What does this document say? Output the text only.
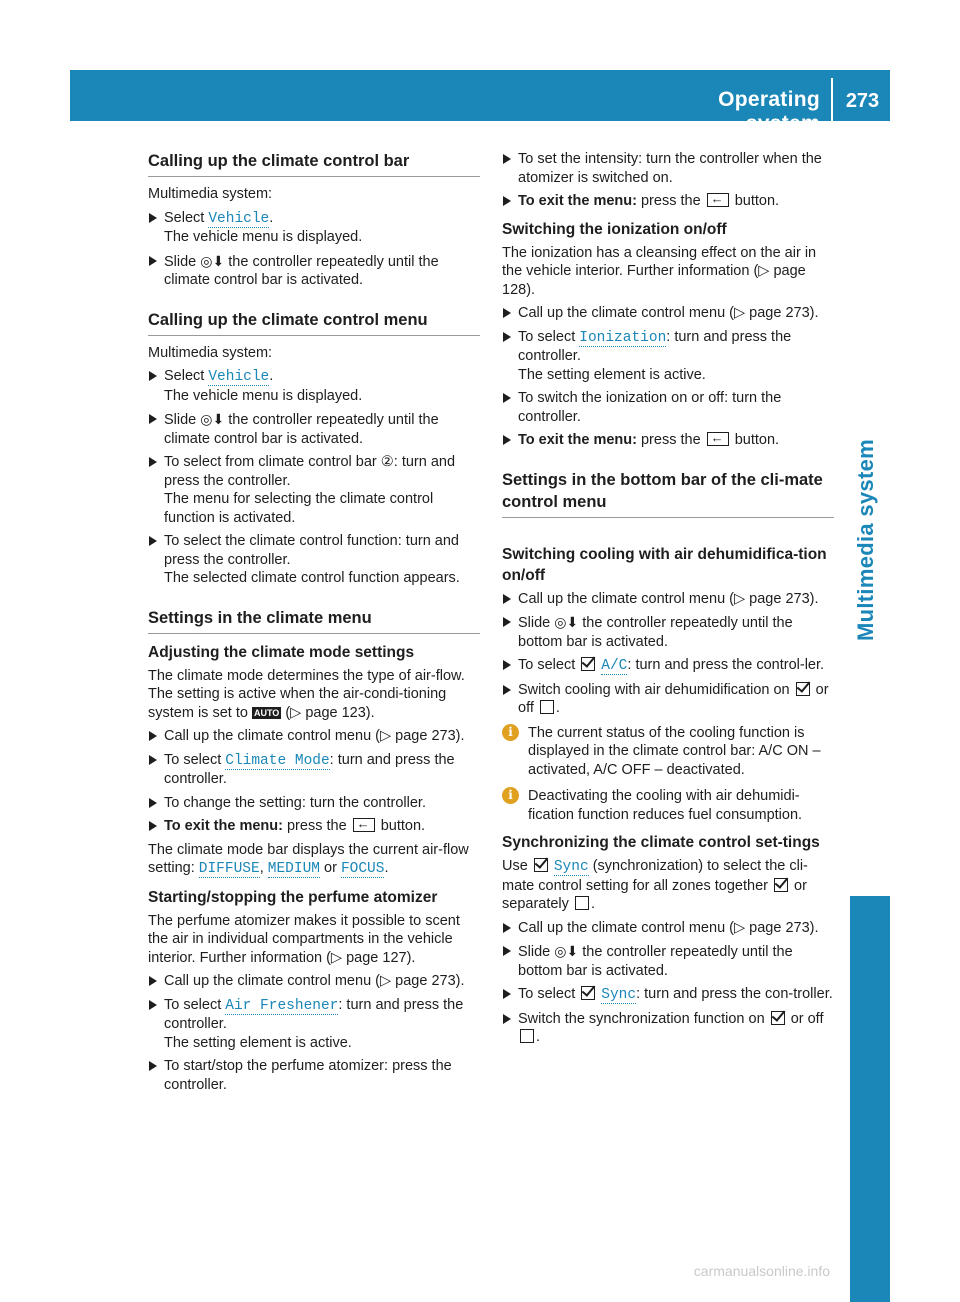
Operating system
273
Multimedia system
Calling up the climate control bar

Multimedia system:

Select Vehicle.
The vehicle menu is displayed.
Slide ◎⬇ the controller repeatedly until the climate control bar is activated.
Calling up the climate control menu

Multimedia system:

Select Vehicle.
The vehicle menu is displayed.
Slide ◎⬇ the controller repeatedly until the climate control bar is activated.
To select from climate control bar ②: turn and press the controller.
The menu for selecting the climate control function is activated.
To select the climate control function: turn and press the controller.
The selected climate control function appears.
Settings in the climate menu
Adjusting the climate mode settings

The climate mode determines the type of air-flow. The setting is active when the air-condi-tioning system is set to AUTO (▷ page 123).

Call up the climate control menu (▷ page 273).
To select Climate Mode: turn and press the controller.
To change the setting: turn the controller.
To exit the menu: press the ← button.

The climate mode bar displays the current air-flow setting: DIFFUSE, MEDIUM or FOCUS.

Starting/stopping the perfume atomizer

The perfume atomizer makes it possible to scent the air in individual compartments in the vehicle interior. Further information (▷ page 127).

Call up the climate control menu (▷ page 273).
To select Air Freshener: turn and press the controller.
The setting element is active.
To start/stop the perfume atomizer: press the controller.
To set the intensity: turn the controller when the atomizer is switched on.
To exit the menu: press the ← button.
Switching the ionization on/off

The ionization has a cleansing effect on the air in the vehicle interior. Further information (▷ page 128).

Call up the climate control menu (▷ page 273).
To select Ionization: turn and press the controller.
The setting element is active.
To switch the ionization on or off: turn the controller.
To exit the menu: press the ← button.
Settings in the bottom bar of the cli-mate control menu
Switching cooling with air dehumidifica-tion on/off
Call up the climate control menu (▷ page 273).
Slide ◎⬇ the controller repeatedly until the bottom bar is activated.
To select  A/C: turn and press the control-ler.
Switch cooling with air dehumidification on  or off .
i	The current status of the cooling function is displayed in the climate control bar: A/C ON – activated, A/C OFF – deactivated.
i	Deactivating the cooling with air dehumidi-fication function reduces fuel consumption.
Synchronizing the climate control set-tings

Use  Sync (synchronization) to select the cli-mate control setting for all zones together  or separately .

Call up the climate control menu (▷ page 273).
Slide ◎⬇ the controller repeatedly until the bottom bar is activated.
To select  Sync: turn and press the con-troller.
Switch the synchronization function on  or off .
carmanualsonline.info
